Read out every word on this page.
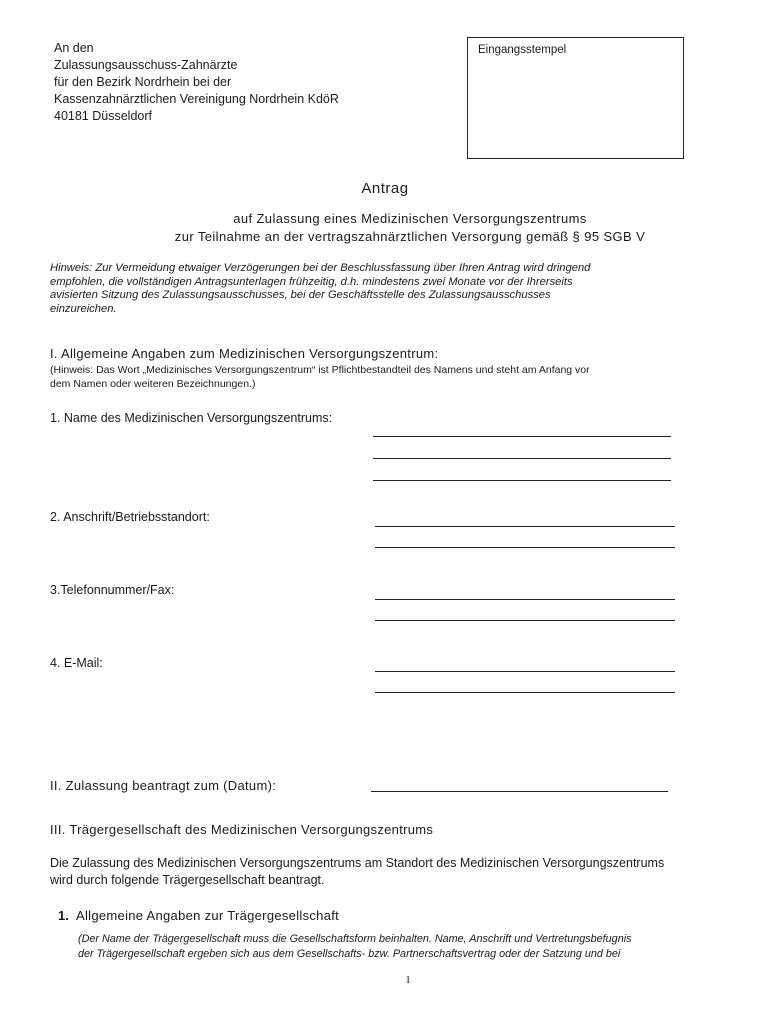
An den
Zulassungsausschuss-Zahnärzte
für den Bezirk Nordrhein bei der
Kassenzahnärztlichen Vereinigung Nordrhein KdöR
40181 Düsseldorf
Eingangsstempel
Antrag
auf Zulassung eines Medizinischen Versorgungszentrums
zur Teilnahme an der vertragszahnärztlichen Versorgung gemäß § 95 SGB V
Hinweis: Zur Vermeidung etwaiger Verzögerungen bei der Beschlussfassung über Ihren Antrag wird dringend
empfohlen, die vollständigen Antragsunterlagen frühzeitig, d.h. mindestens zwei Monate vor der Ihrerseits
avisierten Sitzung des Zulassungsausschusses, bei der Geschäftsstelle des Zulassungsausschusses
einzureichen.
I. Allgemeine Angaben zum Medizinischen Versorgungszentrum:
(Hinweis: Das Wort „Medizinisches Versorgungszentrum“ ist Pflichtbestandteil des Namens und steht am Anfang vor
dem Namen oder weiteren Bezeichnungen.)
1. Name des Medizinischen Versorgungszentrums:
2. Anschrift/Betriebsstandort:
3.Telefonnummer/Fax:
4. E-Mail:
II. Zulassung beantragt zum (Datum):
III. Trägergesellschaft des Medizinischen Versorgungszentrums
Die Zulassung des Medizinischen Versorgungszentrums am Standort des Medizinischen Versorgungszentrums
wird durch folgende Trägergesellschaft beantragt.
1. Allgemeine Angaben zur Trägergesellschaft
(Der Name der Trägergesellschaft muss die Gesellschaftsform beinhalten. Name, Anschrift und Vertretungsbefugnis
der Trägergesellschaft ergeben sich aus dem Gesellschafts- bzw. Partnerschaftsvertrag oder der Satzung und bei
1
